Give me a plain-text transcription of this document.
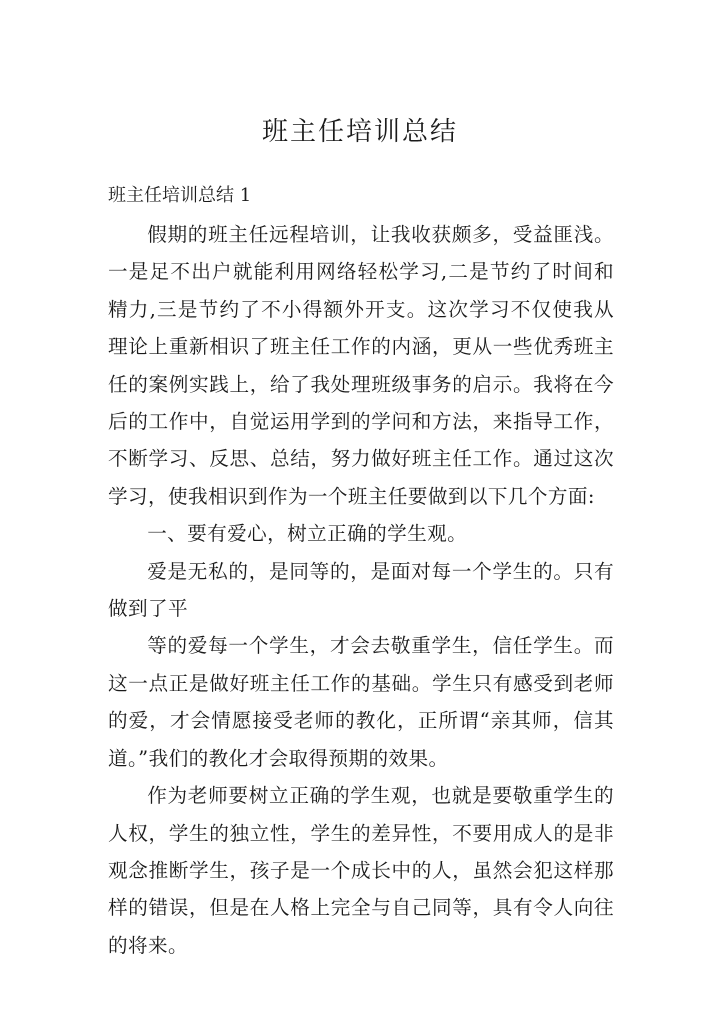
班主任培训总结

班主任培训总结 1

假期的班主任远程培训，让我收获颇多，受益匪浅。一是足不出户就能利用网络轻松学习,二是节约了时间和精力,三是节约了不小得额外开支。这次学习不仅使我从理论上重新相识了班主任工作的内涵，更从一些优秀班主任的案例实践上，给了我处理班级事务的启示。我将在今后的工作中，自觉运用学到的学问和方法，来指导工作，不断学习、反思、总结，努力做好班主任工作。通过这次学习，使我相识到作为一个班主任要做到以下几个方面:

一、要有爱心，树立正确的学生观。

爱是无私的，是同等的，是面对每一个学生的。只有做到了平

等的爱每一个学生，才会去敬重学生，信任学生。而这一点正是做好班主任工作的基础。学生只有感受到老师的爱，才会情愿接受老师的教化，正所谓“亲其师，信其道。”我们的教化才会取得预期的效果。

作为老师要树立正确的学生观，也就是要敬重学生的人权，学生的独立性，学生的差异性，不要用成人的是非观念推断学生，孩子是一个成长中的人，虽然会犯这样那样的错误，但是在人格上完全与自己同等，具有令人向往的将来。
